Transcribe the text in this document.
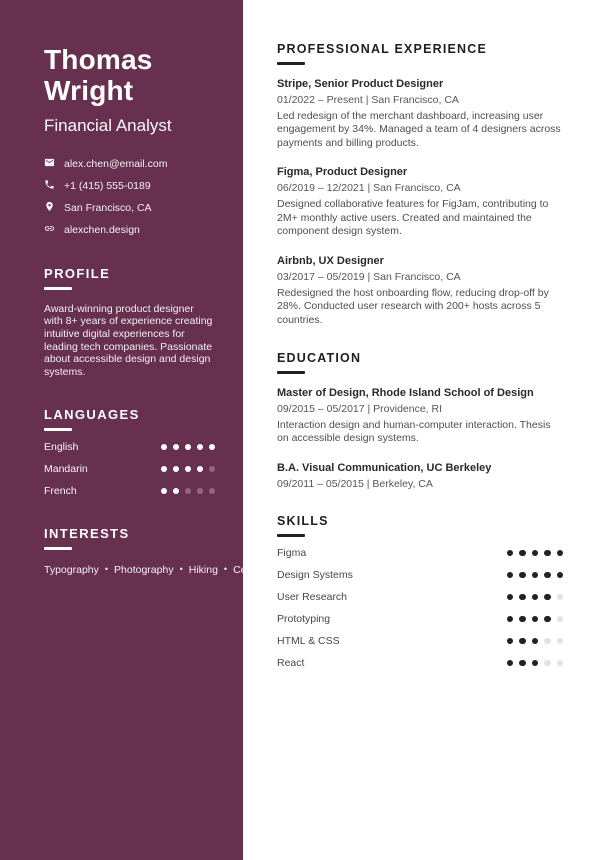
Thomas Wright
Financial Analyst
alex.chen@email.com
+1 (415) 555-0189
San Francisco, CA
alexchen.design
PROFILE
Award-winning product designer with 8+ years of experience creating intuitive digital experiences for leading tech companies. Passionate about accessible design and design systems.
LANGUAGES
English
Mandarin
French
INTERESTS
Typography • Photography • Hiking • Ceramics
PROFESSIONAL EXPERIENCE
Stripe, Senior Product Designer
01/2022 – Present | San Francisco, CA
Led redesign of the merchant dashboard, increasing user engagement by 34%. Managed a team of 4 designers across payments and billing products.
Figma, Product Designer
06/2019 – 12/2021 | San Francisco, CA
Designed collaborative features for FigJam, contributing to 2M+ monthly active users. Created and maintained the component design system.
Airbnb, UX Designer
03/2017 – 05/2019 | San Francisco, CA
Redesigned the host onboarding flow, reducing drop-off by 28%. Conducted user research with 200+ hosts across 5 countries.
EDUCATION
Master of Design, Rhode Island School of Design
09/2015 – 05/2017 | Providence, RI
Interaction design and human-computer interaction. Thesis on accessible design systems.
B.A. Visual Communication, UC Berkeley
09/2011 – 05/2015 | Berkeley, CA
SKILLS
Figma
Design Systems
User Research
Prototyping
HTML & CSS
React
